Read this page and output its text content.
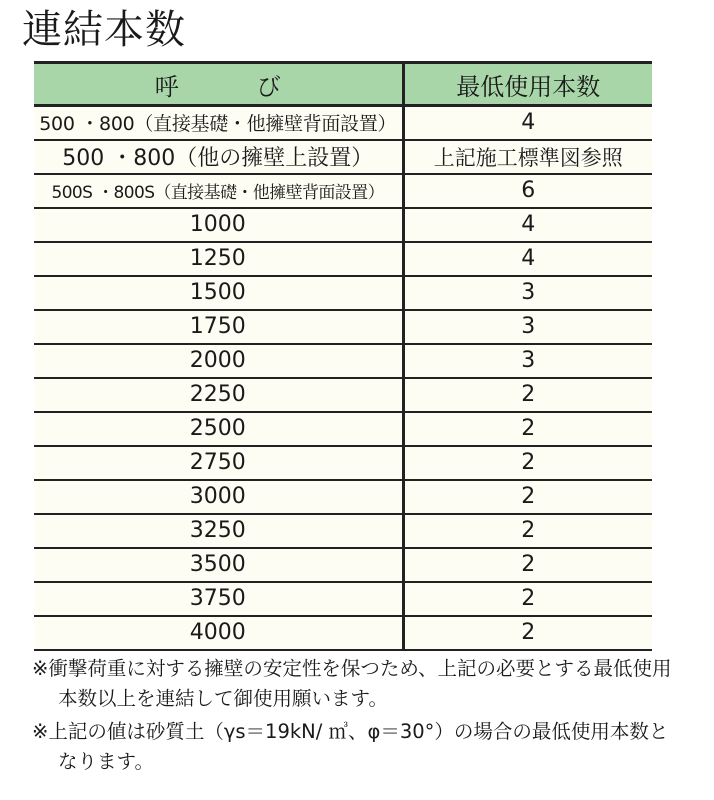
連結本数
呼び	最低使用本数
500 ・800（直接基礎・他擁壁背面設置）	4
500 ・800（他の擁壁上設置）	上記施工標準図参照
500S ・800S（直接基礎・他擁壁背面設置）	6
1000	4
1250	4
1500	3
1750	3
2000	3
2250	2
2500	2
2750	2
3000	2
3250	2
3500	2
3750	2
4000	2

※衝撃荷重に対する擁壁の安定性を保つため、上記の必要とする最低使用本数以上を連結して御使用願います。

※上記の値は砂質土（γs＝19kN/ ㎥、φ＝30°）の場合の最低使用本数となります。
